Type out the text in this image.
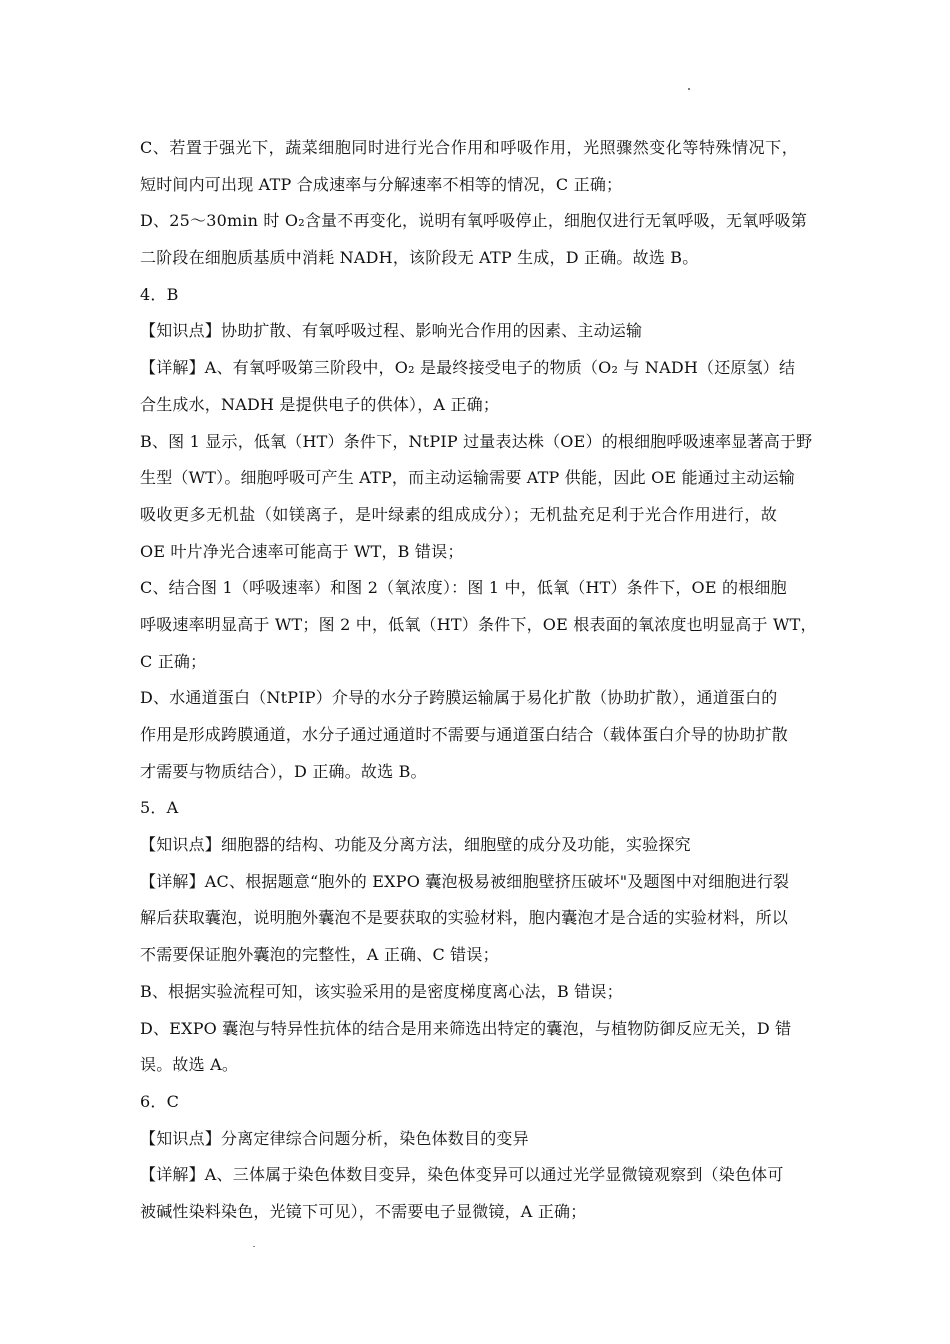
C、若置于强光下，蔬菜细胞同时进行光合作用和呼吸作用，光照骤然变化等特殊情况下，
短时间内可出现 ATP 合成速率与分解速率不相等的情况，C 正确；
D、25～30min 时 O₂含量不再变化，说明有氧呼吸停止，细胞仅进行无氧呼吸，无氧呼吸第
二阶段在细胞质基质中消耗 NADH，该阶段无 ATP 生成，D 正确。故选 B。
4．B
【知识点】协助扩散、有氧呼吸过程、影响光合作用的因素、主动运输
【详解】A、有氧呼吸第三阶段中，O₂ 是最终接受电子的物质（O₂ 与 NADH（还原氢）结
合生成水，NADH 是提供电子的供体），A 正确；
B、图 1 显示，低氧（HT）条件下，NtPIP 过量表达株（OE）的根细胞呼吸速率显著高于野
生型（WT）。细胞呼吸可产生 ATP，而主动运输需要 ATP 供能，因此 OE 能通过主动运输
吸收更多无机盐（如镁离子，是叶绿素的组成成分）；无机盐充足利于光合作用进行，故
OE 叶片净光合速率可能高于 WT，B 错误；
C、结合图 1（呼吸速率）和图 2（氧浓度）：图 1 中，低氧（HT）条件下，OE 的根细胞
呼吸速率明显高于 WT；图 2 中，低氧（HT）条件下，OE 根表面的氧浓度也明显高于 WT，
C 正确；
D、水通道蛋白（NtPIP）介导的水分子跨膜运输属于易化扩散（协助扩散），通道蛋白的
作用是形成跨膜通道，水分子通过通道时不需要与通道蛋白结合（载体蛋白介导的协助扩散
才需要与物质结合），D 正确。故选 B。
5．A
【知识点】细胞器的结构、功能及分离方法，细胞壁的成分及功能，实验探究
【详解】AC、根据题意“胞外的 EXPO 囊泡极易被细胞壁挤压破坏"及题图中对细胞进行裂
解后获取囊泡，说明胞外囊泡不是要获取的实验材料，胞内囊泡才是合适的实验材料，所以
不需要保证胞外囊泡的完整性，A 正确、C 错误；
B、根据实验流程可知，该实验采用的是密度梯度离心法，B 错误；
D、EXPO 囊泡与特异性抗体的结合是用来筛选出特定的囊泡，与植物防御反应无关，D 错
误。故选 A。
6．C
【知识点】分离定律综合问题分析，染色体数目的变异
【详解】A、三体属于染色体数目变异，染色体变异可以通过光学显微镜观察到（染色体可
被碱性染料染色，光镜下可见），不需要电子显微镜，A 正确；
